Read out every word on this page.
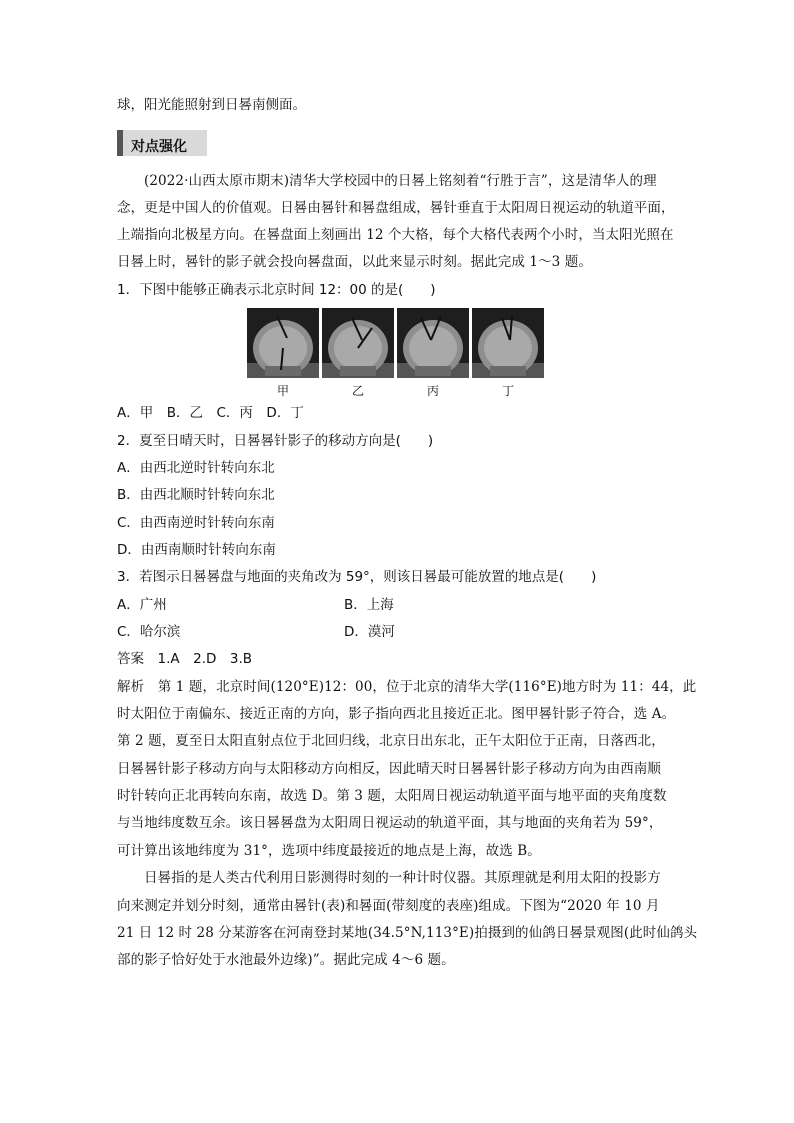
球，阳光能照射到日晷南侧面。
对点强化
(2022·山西太原市期末)清华大学校园中的日晷上铭刻着“行胜于言”，这是清华人的理
念，更是中国人的价值观。日晷由晷针和晷盘组成，晷针垂直于太阳周日视运动的轨道平面，
上端指向北极星方向。在晷盘面上刻画出 12 个大格，每个大格代表两个小时，当太阳光照在
日晷上时，晷针的影子就会投向晷盘面，以此来显示时刻。据此完成 1～3 题。
1．下图中能够正确表示北京时间 12：00 的是(　　)
甲	乙	丙	丁
A．甲　B．乙　C．丙　D．丁
2．夏至日晴天时，日晷晷针影子的移动方向是(　　)
A．由西北逆时针转向东北
B．由西北顺时针转向东北
C．由西南逆时针转向东南
D．由西南顺时针转向东南
3．若图示日晷晷盘与地面的夹角改为 59°，则该日晷最可能放置的地点是(　　)
A．广州	B．上海
C．哈尔滨	D．漠河
答案　1.A　2.D　3.B
解析　第 1 题，北京时间(120°E)12：00，位于北京的清华大学(116°E)地方时为 11：44，此
时太阳位于南偏东、接近正南的方向，影子指向西北且接近正北。图甲晷针影子符合，选 A。
第 2 题，夏至日太阳直射点位于北回归线，北京日出东北，正午太阳位于正南，日落西北，
日晷晷针影子移动方向与太阳移动方向相反，因此晴天时日晷晷针影子移动方向为由西南顺
时针转向正北再转向东南，故选 D。第 3 题，太阳周日视运动轨道平面与地平面的夹角度数
与当地纬度数互余。该日晷晷盘为太阳周日视运动的轨道平面，其与地面的夹角若为 59°，
可计算出该地纬度为 31°，选项中纬度最接近的地点是上海，故选 B。
日晷指的是人类古代利用日影测得时刻的一种计时仪器。其原理就是利用太阳的投影方
向来测定并划分时刻，通常由晷针(表)和晷面(带刻度的表座)组成。下图为“2020 年 10 月
21 日 12 时 28 分某游客在河南登封某地(34.5°N,113°E)拍摄到的仙鸽日晷景观图(此时仙鸽头
部的影子恰好处于水池最外边缘)”。据此完成 4～6 题。
